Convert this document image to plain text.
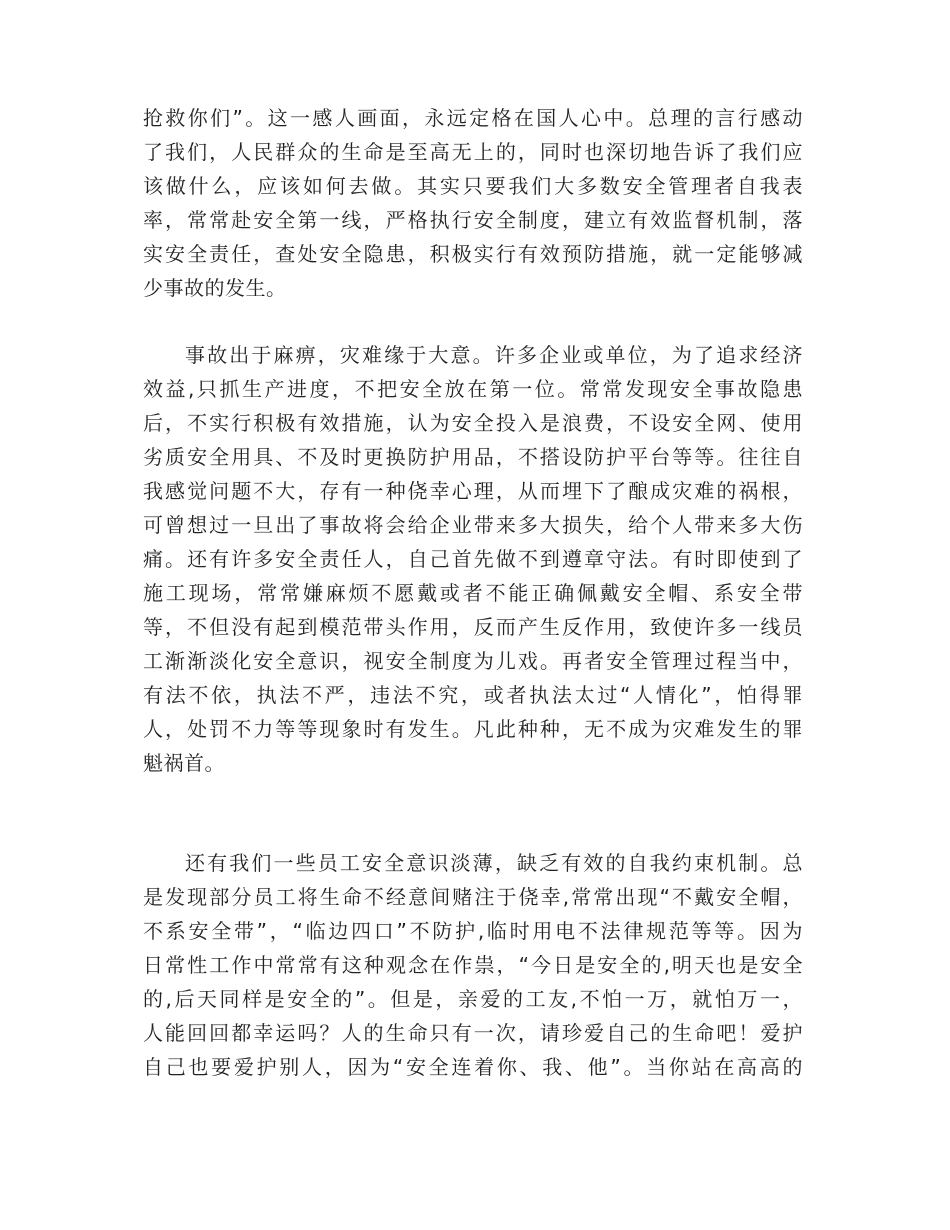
抢救你们”。这一感人画面，永远定格在国人心中。总理的言行感动
了我们，人民群众的生命是至高无上的，同时也深切地告诉了我们应
该做什么，应该如何去做。其实只要我们大多数安全管理者自我表
率，常常赴安全第一线，严格执行安全制度，建立有效监督机制，落
实安全责任，查处安全隐患，积极实行有效预防措施，就一定能够减
少事故的发生。
事故出于麻痹，灾难缘于大意。许多企业或单位，为了追求经济
效益,只抓生产进度，不把安全放在第一位。常常发现安全事故隐患
后，不实行积极有效措施，认为安全投入是浪费，不设安全网、使用
劣质安全用具、不及时更换防护用品，不搭设防护平台等等。往往自
我感觉问题不大，存有一种侥幸心理，从而埋下了酿成灾难的祸根，
可曾想过一旦出了事故将会给企业带来多大损失，给个人带来多大伤
痛。还有许多安全责任人，自己首先做不到遵章守法。有时即使到了
施工现场，常常嫌麻烦不愿戴或者不能正确佩戴安全帽、系安全带
等，不但没有起到模范带头作用，反而产生反作用，致使许多一线员
工渐渐淡化安全意识，视安全制度为儿戏。再者安全管理过程当中，
有法不依，执法不严，违法不究，或者执法太过“人情化”，怕得罪
人，处罚不力等等现象时有发生。凡此种种，无不成为灾难发生的罪
魁祸首。
还有我们一些员工安全意识淡薄，缺乏有效的自我约束机制。总
是发现部分员工将生命不经意间赌注于侥幸,常常出现“不戴安全帽，
不系安全带”，“临边四口”不防护,临时用电不法律规范等等。因为
日常性工作中常常有这种观念在作祟，“今日是安全的,明天也是安全
的,后天同样是安全的”。但是，亲爱的工友,不怕一万，就怕万一，
人能回回都幸运吗？人的生命只有一次，请珍爱自己的生命吧！爱护
自己也要爱护别人，因为“安全连着你、我、他”。当你站在高高的
